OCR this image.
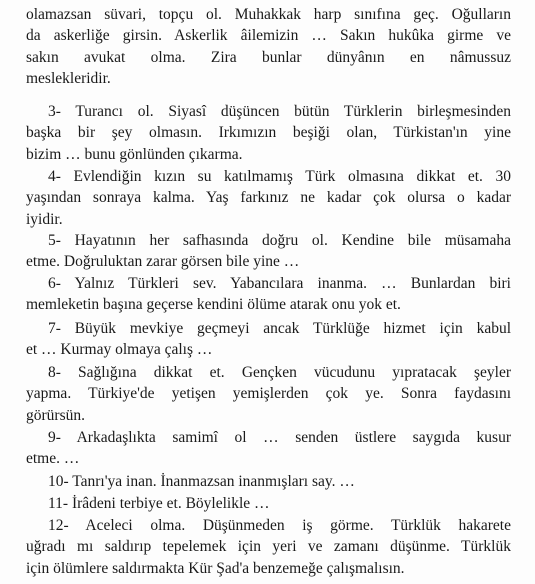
olamazsan süvari, topçu ol. Muhakkak harp sınıfına geç. Oğulların
da askerliğe girsin. Askerlik âilemizin … Sakın hukûka girme ve
sakın avukat olma. Zira bunlar dünyânın en nâmussuz
meslekleridir.

3- Turancı ol. Siyasî düşüncen bütün Türklerin birleşmesinden
başka bir şey olmasın. Irkımızın beşiği olan, Türkistan'ın yine
bizim … bunu gönlünden çıkarma.

4- Evlendiğin kızın su katılmamış Türk olmasına dikkat et. 30
yaşından sonraya kalma. Yaş farkınız ne kadar çok olursa o kadar
iyidir.

5- Hayatının her safhasında doğru ol. Kendine bile müsamaha
etme. Doğruluktan zarar görsen bile yine …

6- Yalnız Türkleri sev. Yabancılara inanma. … Bunlardan biri
memleketin başına geçerse kendini ölüme atarak onu yok et.

7- Büyük mevkiye geçmeyi ancak Türklüğe hizmet için kabul
et … Kurmay olmaya çalış …

8- Sağlığına dikkat et. Gençken vücudunu yıpratacak şeyler
yapma. Türkiye'de yetişen yemişlerden çok ye. Sonra faydasını
görürsün.

9- Arkadaşlıkta samimî ol … senden üstlere saygıda kusur
etme. …

10- Tanrı'ya inan. İnanmazsan inanmışları say. …

11- İrâdeni terbiye et. Böylelikle …

12- Aceleci olma. Düşünmeden iş görme. Türklük hakarete
uğradı mı saldırıp tepelemek için yeri ve zamanı düşünme. Türklük
için ölümlere saldırmakta Kür Şad'a benzemeğe çalışmalısın.
